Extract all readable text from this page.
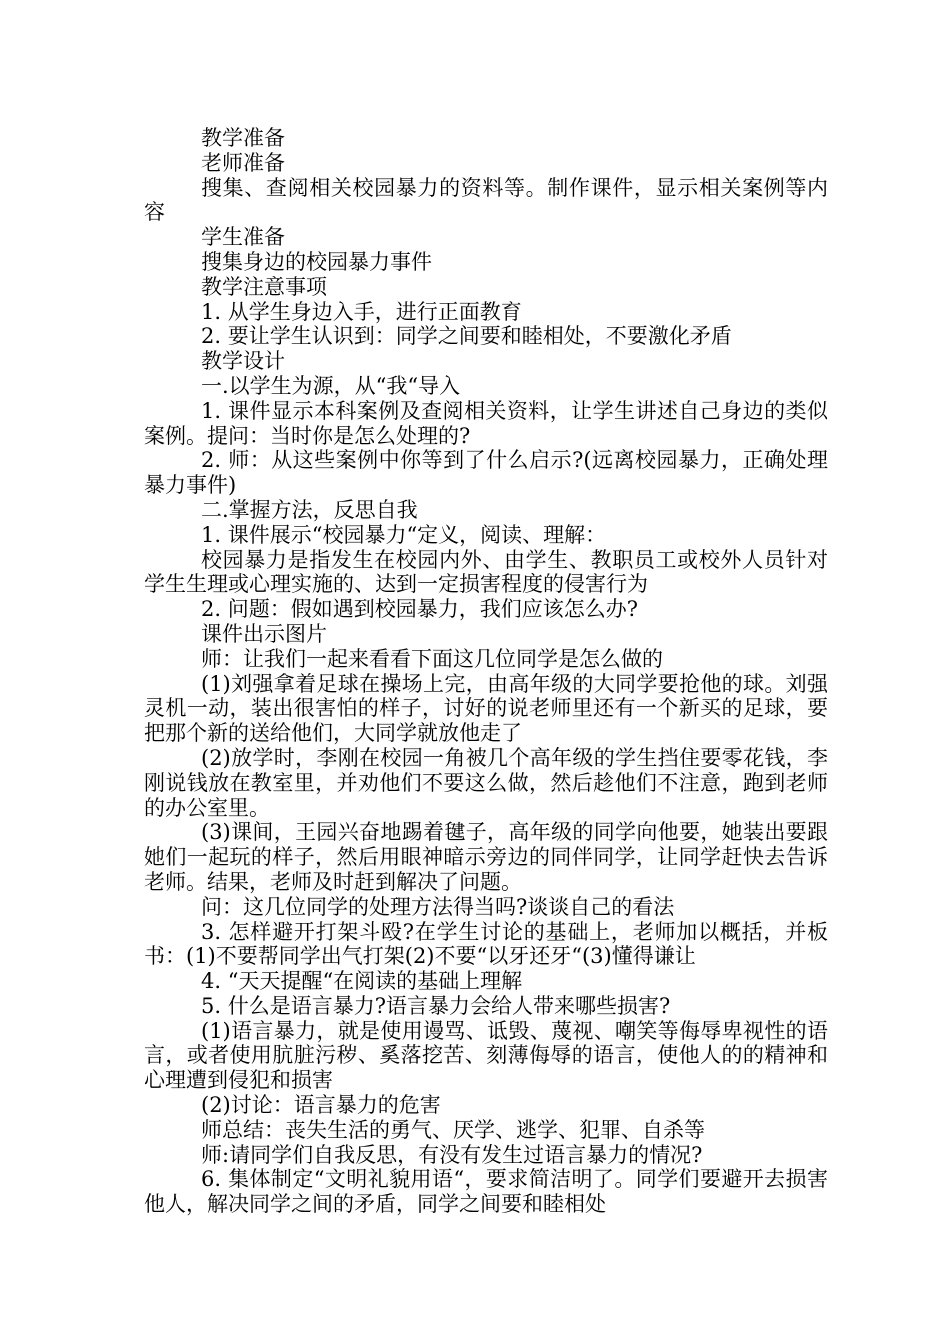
教学准备

老师准备

搜集、查阅相关校园暴力的资料等。制作课件，显示相关案例等内容

学生准备

搜集身边的校园暴力事件

教学注意事项

1. 从学生身边入手，进行正面教育

2. 要让学生认识到：同学之间要和睦相处，不要激化矛盾

教学设计

一.以学生为源，从“我“导入

1. 课件显示本科案例及查阅相关资料，让学生讲述自己身边的类似案例。提问：当时你是怎么处理的?

2. 师：从这些案例中你等到了什么启示?(远离校园暴力，正确处理暴力事件)

二.掌握方法，反思自我

1. 课件展示“校园暴力“定义，阅读、理解：

校园暴力是指发生在校园内外、由学生、教职员工或校外人员针对学生生理或心理实施的、达到一定损害程度的侵害行为

2. 问题：假如遇到校园暴力，我们应该怎么办?

课件出示图片

师：让我们一起来看看下面这几位同学是怎么做的

(1)刘强拿着足球在操场上完，由高年级的大同学要抢他的球。刘强灵机一动，装出很害怕的样子，讨好的说老师里还有一个新买的足球，要把那个新的送给他们，大同学就放他走了

(2)放学时，李刚在校园一角被几个高年级的学生挡住要零花钱，李刚说钱放在教室里，并劝他们不要这么做，然后趁他们不注意，跑到老师的办公室里。

(3)课间，王园兴奋地踢着毽子，高年级的同学向他要，她装出要跟她们一起玩的样子，然后用眼神暗示旁边的同伴同学，让同学赶快去告诉老师。结果，老师及时赶到解决了问题。

问：这几位同学的处理方法得当吗?谈谈自己的看法

3. 怎样避开打架斗殴?在学生讨论的基础上，老师加以概括，并板书：(1)不要帮同学出气打架(2)不要“以牙还牙“(3)懂得谦让

4. “天天提醒“在阅读的基础上理解

5. 什么是语言暴力?语言暴力会给人带来哪些损害?

(1)语言暴力，就是使用谩骂、诋毁、蔑视、嘲笑等侮辱卑视性的语言，或者使用肮脏污秽、奚落挖苦、刻薄侮辱的语言，使他人的的精神和心理遭到侵犯和损害

(2)讨论：语言暴力的危害

师总结：丧失生活的勇气、厌学、逃学、犯罪、自杀等

师:请同学们自我反思，有没有发生过语言暴力的情况?

6. 集体制定“文明礼貌用语“，要求简洁明了。同学们要避开去损害他人，解决同学之间的矛盾，同学之间要和睦相处
